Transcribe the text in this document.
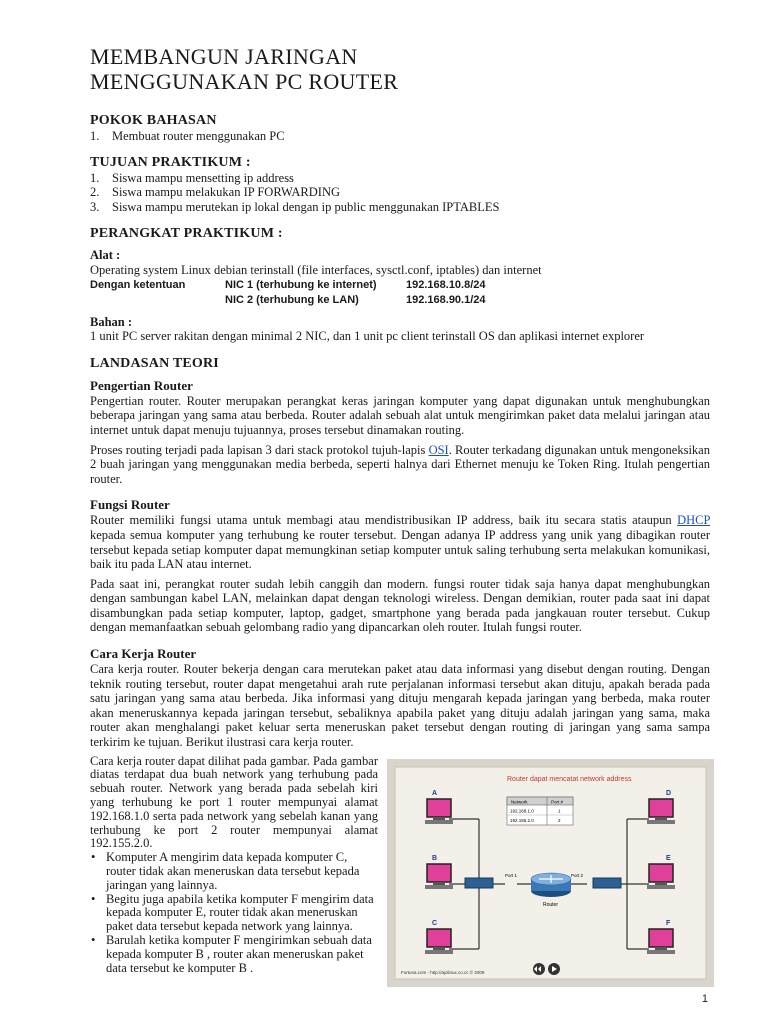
MEMBANGUN JARINGAN
MENGGUNAKAN PC ROUTER
POKOK BAHASAN
1.	Membuat router menggunakan PC
TUJUAN PRAKTIKUM :
1.	Siswa mampu mensetting ip address
2.	Siswa mampu melakukan IP FORWARDING
3.	Siswa mampu merutekan ip lokal dengan ip public menggunakan IPTABLES
PERANGKAT PRAKTIKUM :

Alat :

Operating system Linux debian terinstall (file interfaces, sysctl.conf, iptables) dan internet

Dengan ketentuan	NIC 1 (terhubung ke internet)	192.168.10.8/24
NIC 2 (terhubung ke LAN)	192.168.90.1/24

Bahan :

1 unit PC server rakitan dengan minimal 2 NIC, dan 1 unit pc client terinstall OS dan aplikasi internet explorer

LANDASAN TEORI

Pengertian Router

Pengertian router. Router merupakan perangkat keras jaringan komputer yang dapat digunakan untuk menghubungkan beberapa jaringan yang sama atau berbeda. Router adalah sebuah alat untuk mengirimkan paket data melalui jaringan atau internet untuk dapat menuju tujuannya, proses tersebut dinamakan routing.

Proses routing terjadi pada lapisan 3 dari stack protokol tujuh-lapis OSI. Router terkadang digunakan untuk mengoneksikan 2 buah jaringan yang menggunakan media berbeda, seperti halnya dari Ethernet menuju ke Token Ring. Itulah pengertian router.

Fungsi Router

Router memiliki fungsi utama untuk membagi atau mendistribusikan IP address, baik itu secara statis ataupun DHCP kepada semua komputer yang terhubung ke router tersebut. Dengan adanya IP address yang unik yang dibagikan router tersebut kepada setiap komputer dapat memungkinan setiap komputer untuk saling terhubung serta melakukan komunikasi, baik itu pada LAN atau internet.

Pada saat ini, perangkat router sudah lebih canggih dan modern. fungsi router tidak saja hanya dapat menghubungkan dengan sambungan kabel LAN, melainkan dapat dengan teknologi wireless. Dengan demikian, router pada saat ini dapat disambungkan pada setiap komputer, laptop, gadget, smartphone yang berada pada jangkauan router tersebut. Cukup dengan memanfaatkan sebuah gelombang radio yang dipancarkan oleh router. Itulah fungsi router.

Cara Kerja Router

Cara kerja router. Router bekerja dengan cara merutekan paket atau data informasi yang disebut dengan routing. Dengan teknik routing tersebut, router dapat mengetahui arah rute perjalanan informasi tersebut akan dituju, apakah berada pada satu jaringan yang sama atau berbeda. Jika informasi yang dituju mengarah kepada jaringan yang berbeda, maka router akan meneruskannya kepada jaringan tersebut, sebaliknya apabila paket yang dituju adalah jaringan yang sama, maka router akan menghalangi paket keluar serta meneruskan paket tersebut dengan routing di jaringan yang sama sampa terkirim ke tujuan. Berikut ilustrasi cara kerja router.

Cara kerja router dapat dilihat pada gambar. Pada gambar diatas terdapat dua buah network yang terhubung pada sebuah router. Network yang berada pada sebelah kiri yang terhubung ke port 1 router mempunyai alamat 192.168.1.0 serta pada network yang sebelah kanan yang terhubung ke port 2 router mempunyai alamat 192.155.2.0.

• Komputer A mengirim data kepada komputer C, router tidak akan meneruskan data tersebut kepada jaringan yang lainnya.
• Begitu juga apabila ketika komputer F mengirim data kepada komputer E, router tidak akan meneruskan paket data tersebut kepada network yang lainnya.
• Barulah ketika komputer F mengirimkan sebuah data kepada komputer B , router akan meneruskan paket data tersebut ke komputer B .
Router dapat mencatat network address
Network	Port #
192.168.1.0	1
192.155.2.0	2
Port 1	Port 2
Router
A
B
C
D
E
F
Fortuna.com - http://ajolinux.co.cc © 2009
1
